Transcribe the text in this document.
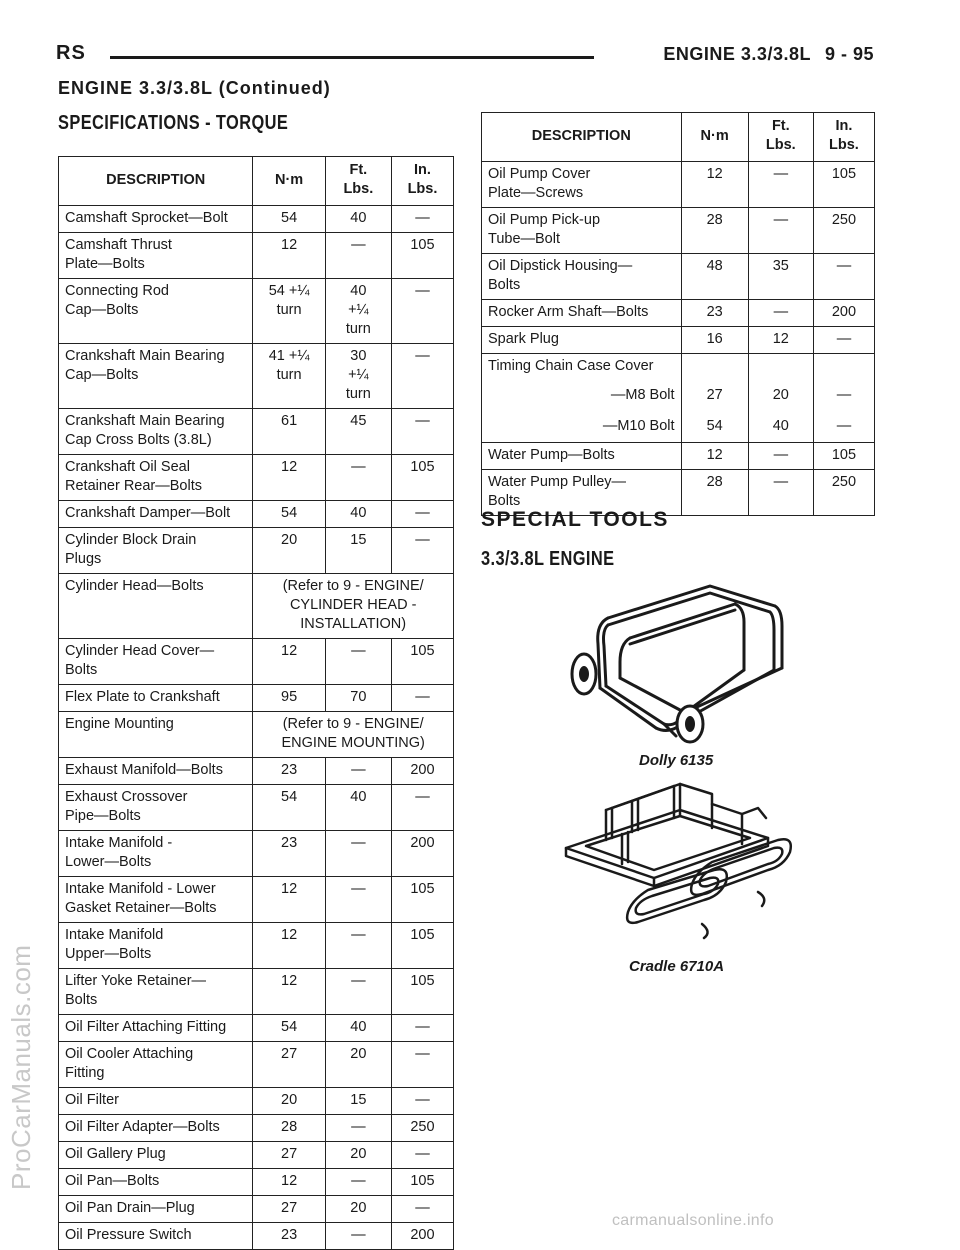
RS	ENGINE 3.3/3.8L 9 - 95
ENGINE 3.3/3.8L (Continued)
SPECIFICATIONS - TORQUE
DESCRIPTION	N·m	Ft.
Lbs.	In.
Lbs.
Camshaft Sprocket—Bolt	54	40	—
Camshaft Thrust
Plate—Bolts	12	—	105
Connecting Rod
Cap—Bolts	54 +¼
turn	40
+¼
turn	—
Crankshaft Main Bearing
Cap—Bolts	41 +¼
turn	30
+¼
turn	—
Crankshaft Main Bearing
Cap Cross Bolts (3.8L)	61	45	—
Crankshaft Oil Seal
Retainer Rear—Bolts	12	—	105
Crankshaft Damper—Bolt	54	40	—
Cylinder Block Drain
Plugs	20	15	—
Cylinder Head—Bolts	(Refer to 9 - ENGINE/
CYLINDER HEAD -
INSTALLATION)		
Cylinder Head Cover—
Bolts	12	—	105
Flex Plate to Crankshaft	95	70	—
Engine Mounting	(Refer to 9 - ENGINE/
ENGINE MOUNTING)		
Exhaust Manifold—Bolts	23	—	200
Exhaust Crossover
Pipe—Bolts	54	40	—
Intake Manifold -
Lower—Bolts	23	—	200
Intake Manifold - Lower
Gasket Retainer—Bolts	12	—	105
Intake Manifold
Upper—Bolts	12	—	105
Lifter Yoke Retainer—
Bolts	12	—	105
Oil Filter Attaching Fitting	54	40	—
Oil Cooler Attaching
Fitting	27	20	—
Oil Filter	20	15	—
Oil Filter Adapter—Bolts	28	—	250
Oil Gallery Plug	27	20	—
Oil Pan—Bolts	12	—	105
Oil Pan Drain—Plug	27	20	—
Oil Pressure Switch	23	—	200
DESCRIPTION	N·m	Ft.
Lbs.	In.
Lbs.
Oil Pump Cover
Plate—Screws	12	—	105
Oil Pump Pick-up
Tube—Bolt	28	—	250
Oil Dipstick Housing—
Bolts	48	35	—
Rocker Arm Shaft—Bolts	23	—	200
Spark Plug	16	12	—
Timing Chain Case Cover			
—M8 Bolt	27	20	—
—M10 Bolt	54	40	—
Water Pump—Bolts	12	—	105
Water Pump Pulley—
Bolts	28	—	250
SPECIAL TOOLS
3.3/3.8L ENGINE
Dolly 6135
Cradle 6710A
ProCarManuals.com
carmanualsonline.info
